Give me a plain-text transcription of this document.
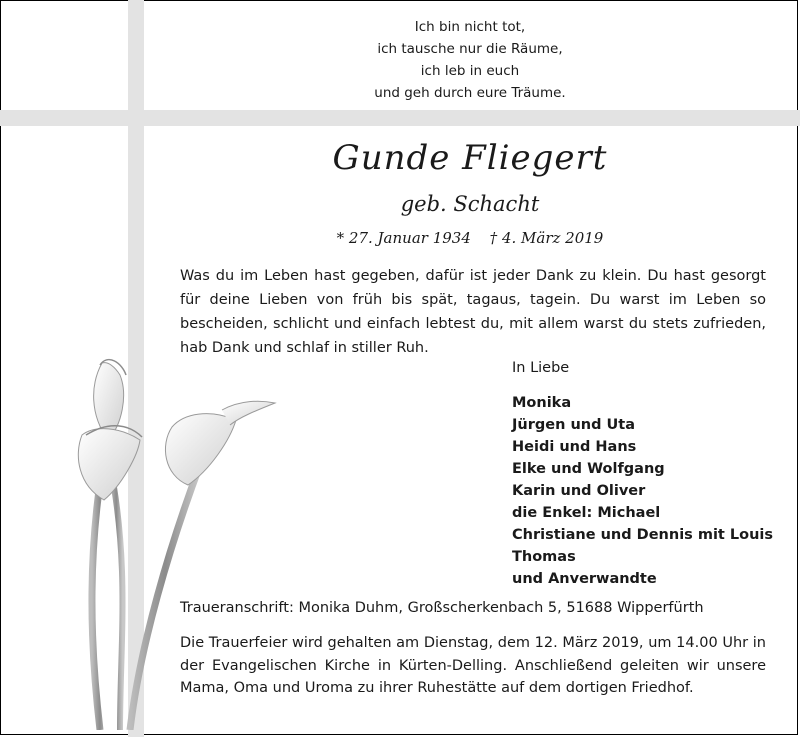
Ich bin nicht tot,
ich tausche nur die Räume,
ich leb in euch
und geh durch eure Träume.
Gunde Fliegert
geb. Schacht
* 27. Januar 1934 † 4. März 2019
Was du im Leben hast gegeben, dafür ist jeder Dank zu klein. Du hast gesorgt für deine Lieben von früh bis spät, tagaus, tagein. Du warst im Leben so bescheiden, schlicht und einfach lebtest du, mit allem warst du stets zufrieden, hab Dank und schlaf in stiller Ruh.
In Liebe
Monika
Jürgen und Uta
Heidi und Hans
Elke und Wolfgang
Karin und Oliver
die Enkel: Michael
Christiane und Dennis mit Louis
Thomas
und Anverwandte
Traueranschrift: Monika Duhm, Großscherkenbach 5, 51688 Wipperfürth
Die Trauerfeier wird gehalten am Dienstag, dem 12. März 2019, um 14.00 Uhr in der Evangelischen Kirche in Kürten-Delling. Anschließend geleiten wir unsere Mama, Oma und Uroma zu ihrer Ruhestätte auf dem dortigen Friedhof.
